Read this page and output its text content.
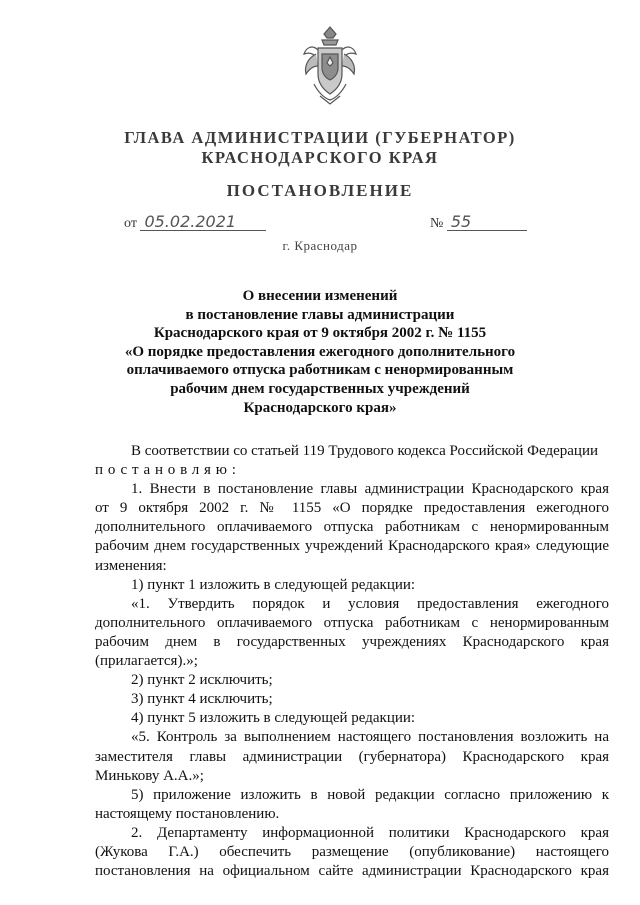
ГЛАВА АДМИНИСТРАЦИИ (ГУБЕРНАТОР)
КРАСНОДАРСКОГО КРАЯ
ПОСТАНОВЛЕНИЕ
от 05.02.2021	№ 55
г. Краснодар
О внесении изменений
в постановление главы администрации
Краснодарского края от 9 октября 2002 г. № 1155
«О порядке предоставления ежегодного дополнительного
оплачиваемого отпуска работникам с ненормированным
рабочим днем государственных учреждений
Краснодарского края»
В соответствии со статьей 119 Трудового кодекса Российской Федерации
постановляю:
1. Внести в постановление главы администрации Краснодарского края
от 9 октября 2002 г. № 1155 «О порядке предоставления ежегодного
дополнительного оплачиваемого отпуска работникам с ненормированным
рабочим днем государственных учреждений Краснодарского края» следующие
изменения:
1) пункт 1 изложить в следующей редакции:
«1. Утвердить порядок и условия предоставления ежегодного
дополнительного оплачиваемого отпуска работникам с ненормированным
рабочим днем в государственных учреждениях Краснодарского края
(прилагается).»;
2) пункт 2 исключить;
3) пункт 4 исключить;
4) пункт 5 изложить в следующей редакции:
«5. Контроль за выполнением настоящего постановления возложить на
заместителя главы администрации (губернатора) Краснодарского края
Минькову А.А.»;
5) приложение изложить в новой редакции согласно приложению к
настоящему постановлению.
2. Департаменту информационной политики Краснодарского края
(Жукова Г.А.) обеспечить размещение (опубликование) настоящего
постановления на официальном сайте администрации Краснодарского края
